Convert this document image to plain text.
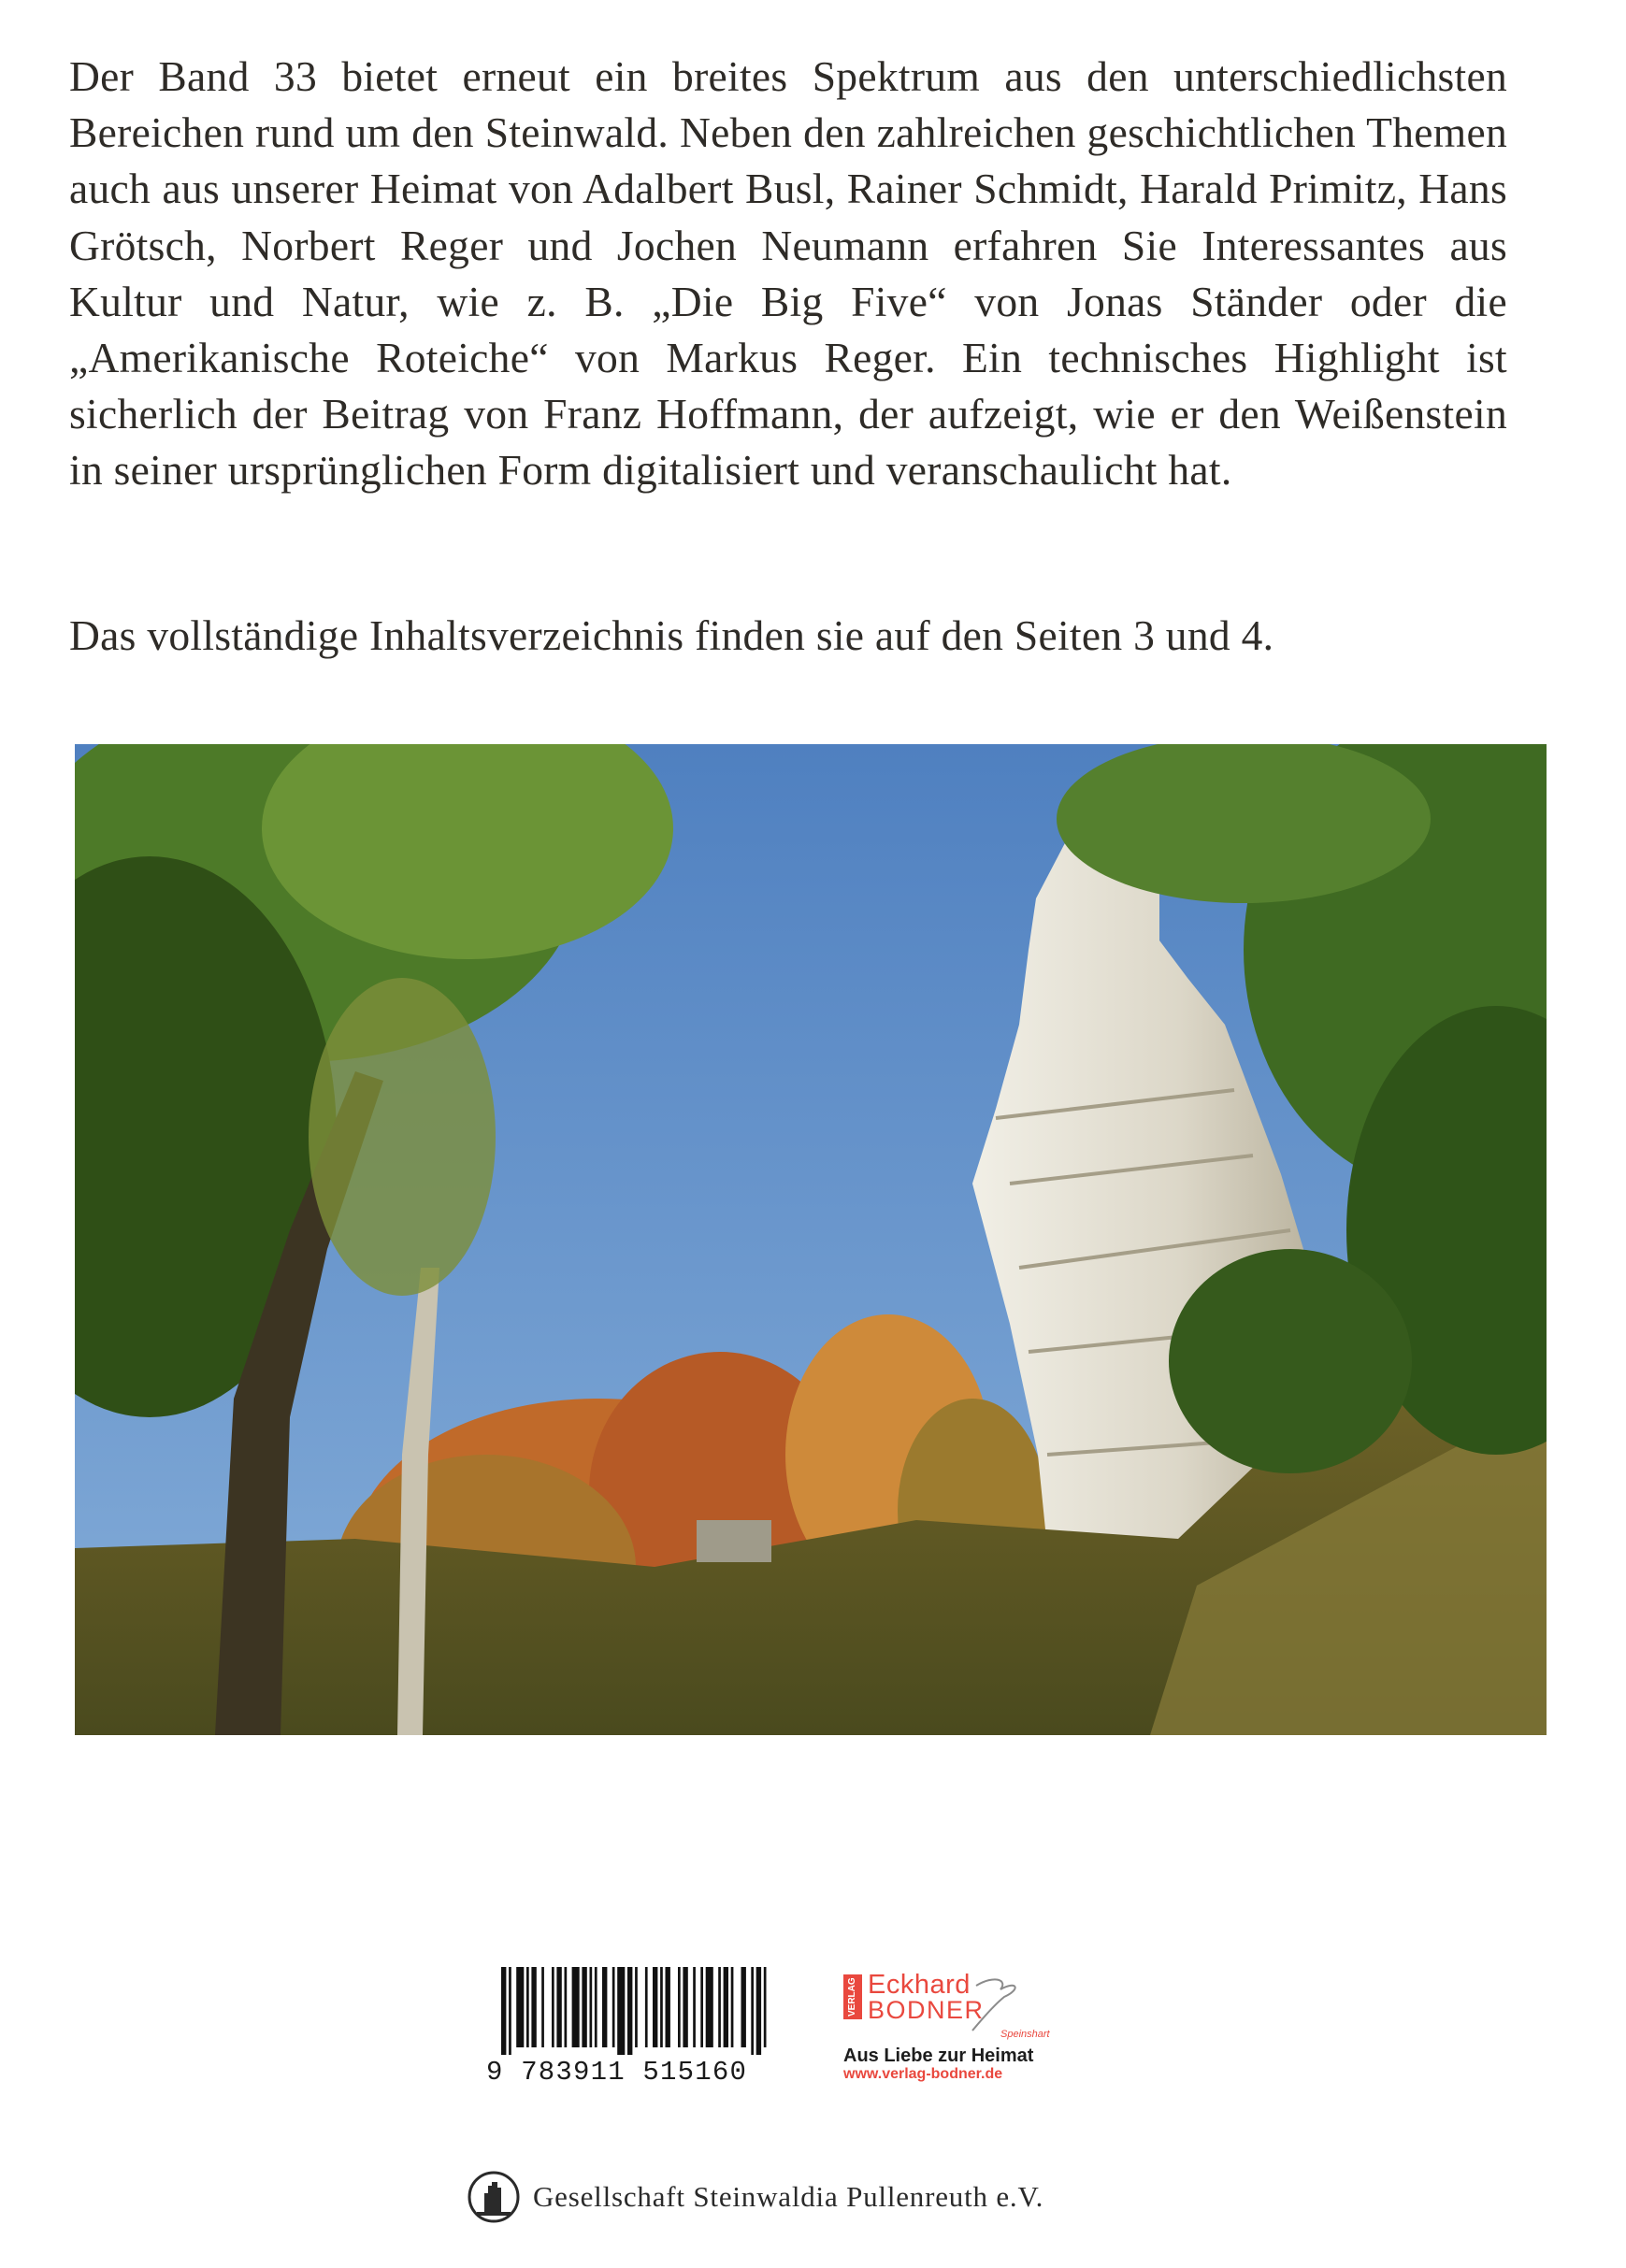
Der Band 33 bietet erneut ein breites Spektrum aus den unterschiedlichsten Bereichen rund um den Steinwald. Neben den zahlreichen geschichtlichen Themen auch aus unserer Heimat von Adalbert Busl, Rainer Schmidt, Harald Primitz, Hans Grötsch, Norbert Reger und Jochen Neumann erfahren Sie Interessantes aus Kultur und Natur, wie z. B. „Die Big Five“ von Jonas Ständer oder die „Amerikanische Roteiche“ von Markus Reger. Ein technisches Highlight ist sicherlich der Beitrag von Franz Hoffmann, der aufzeigt, wie er den Weißenstein in seiner ursprünglichen Form digitalisiert und veranschaulicht hat.

Das vollständige Inhaltsverzeichnis finden sie auf den Seiten 3 und 4.

9 783911 515160
VERLAG Eckhard
BODNER
Speinshart
Aus Liebe zur Heimat
www.verlag-bodner.de
Gesellschaft Steinwaldia Pullenreuth e.V.
